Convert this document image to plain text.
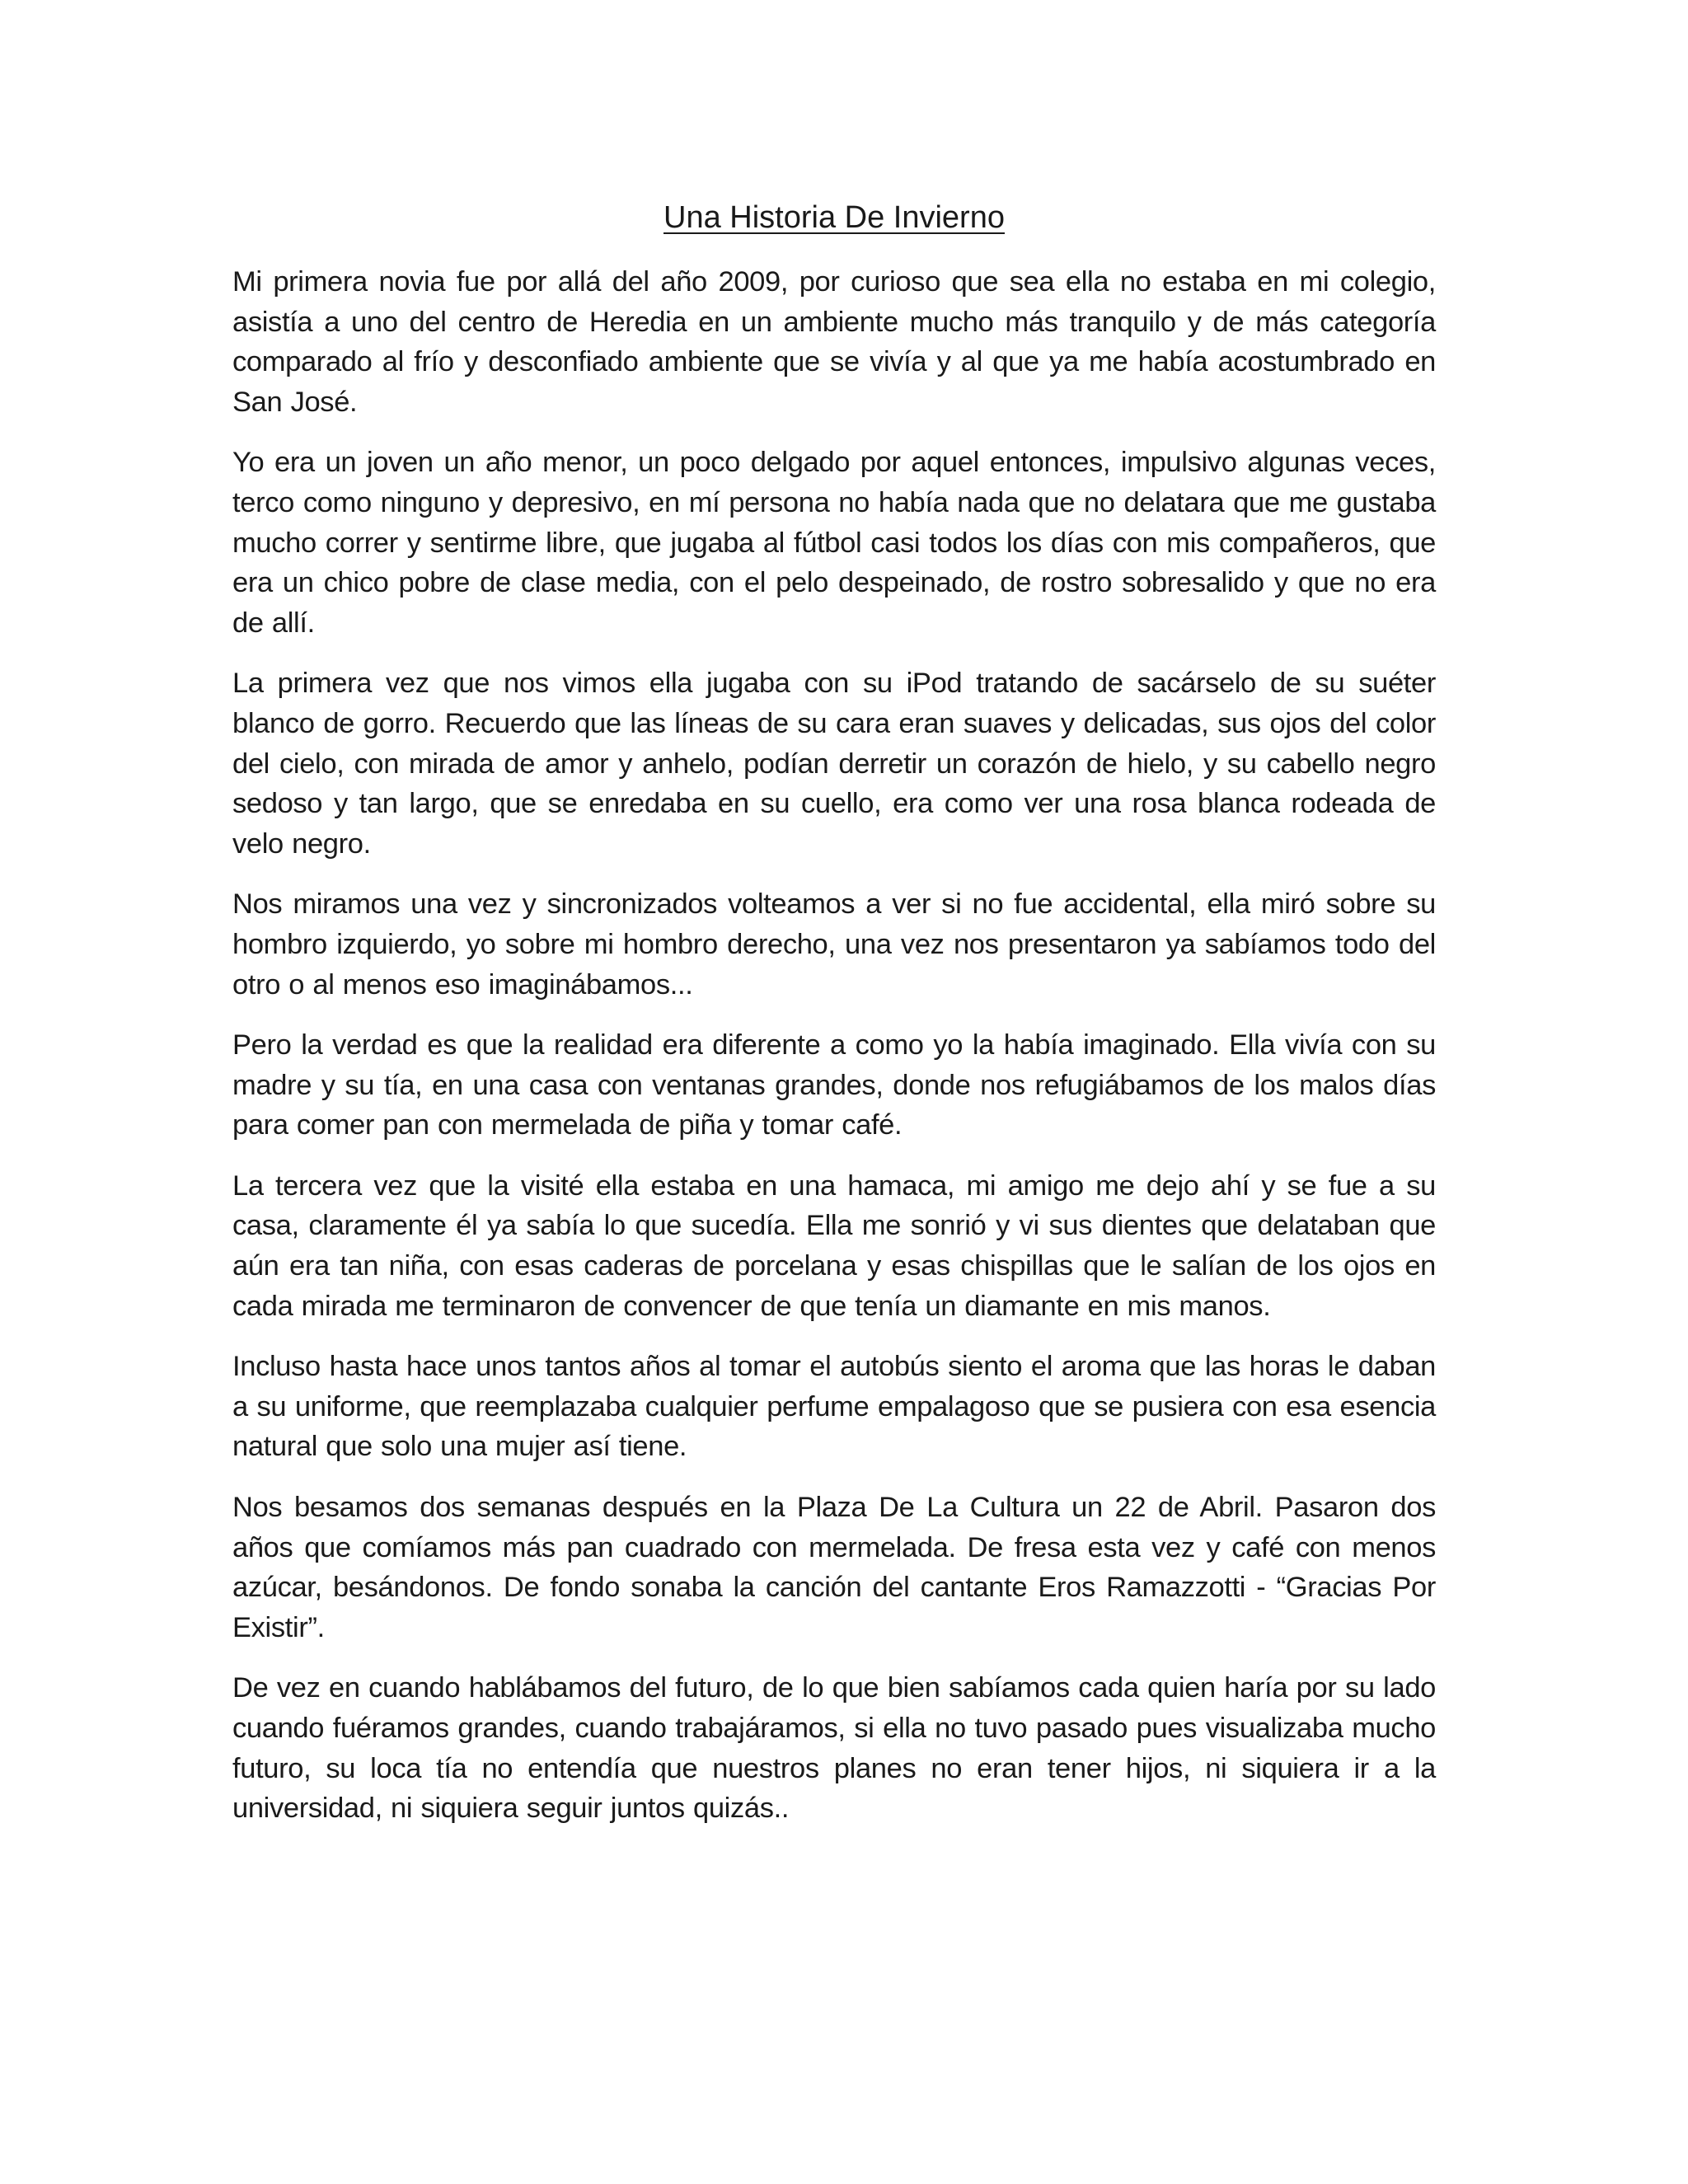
Una Historia De Invierno

Mi primera novia fue por allá del año 2009, por curioso que sea ella no estaba en mi colegio, asistía a uno del centro de Heredia en un ambiente mucho más tranquilo y de más categoría comparado al frío y desconfiado ambiente que se vivía y al que ya me había acostumbrado en San José.

Yo era un joven un año menor, un poco delgado por aquel entonces, impulsivo algunas veces, terco como ninguno y depresivo, en mí persona no había nada que no delatara que me gustaba mucho correr y sentirme libre, que jugaba al fútbol casi todos los días con mis compañeros, que era un chico pobre de clase media, con el pelo despeinado, de rostro sobresalido y que no era de allí.

La primera vez que nos vimos ella jugaba con su iPod tratando de sacárselo de su suéter blanco de gorro. Recuerdo que las líneas de su cara eran suaves y delicadas, sus ojos del color del cielo, con mirada de amor y anhelo, podían derretir un corazón de hielo, y su cabello negro sedoso y tan largo, que se enredaba en su cuello, era como ver una rosa blanca rodeada de velo negro.

Nos miramos una vez y sincronizados volteamos a ver si no fue accidental, ella miró sobre su hombro izquierdo, yo sobre mi hombro derecho, una vez nos presentaron ya sabíamos todo del otro o al menos eso imaginábamos...

Pero la verdad es que la realidad era diferente a como yo la había imaginado. Ella vivía con su madre y su tía, en una casa con ventanas grandes, donde nos refugiábamos de los malos días para comer pan con mermelada de piña y tomar café.

La tercera vez que la visité ella estaba en una hamaca, mi amigo me dejo ahí y se fue a su casa, claramente él ya sabía lo que sucedía. Ella me sonrió y vi sus dientes que delataban que aún era tan niña, con esas caderas de porcelana y esas chispillas que le salían de los ojos en cada mirada me terminaron de convencer de que tenía un diamante en mis manos.

Incluso hasta hace unos tantos años al tomar el autobús siento el aroma que las horas le daban a su uniforme, que reemplazaba cualquier perfume empalagoso que se pusiera con esa esencia natural que solo una mujer así tiene.

Nos besamos dos semanas después en la Plaza De La Cultura un 22 de Abril. Pasaron dos años que comíamos más pan cuadrado con mermelada. De fresa esta vez y café con menos azúcar, besándonos. De fondo sonaba la canción del cantante Eros Ramazzotti - “Gracias Por Existir”.

De vez en cuando hablábamos del futuro, de lo que bien sabíamos cada quien haría por su lado cuando fuéramos grandes, cuando trabajáramos, si ella no tuvo pasado pues visualizaba mucho futuro, su loca tía no entendía que nuestros planes no eran tener hijos, ni siquiera ir a la universidad, ni siquiera seguir juntos quizás..
